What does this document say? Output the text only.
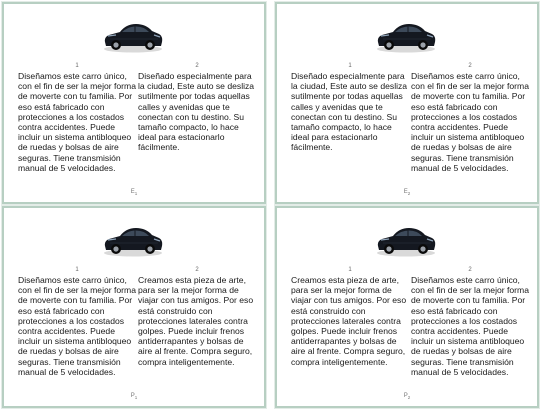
1
Diseñamos este carro único, con el fin de ser la mejor forma de moverte con tu familia. Por eso está fabricado con protecciones a los costados contra accidentes. Puede incluir un sistema antibloqueo de ruedas y bolsas de aire seguras. Tiene transmisión manual de 5 velocidades.
2
Diseñado especialmente para la ciudad, Este auto se desliza sutilmente por todas aquellas calles y avenidas que te conectan con tu destino. Su tamaño compacto, lo hace ideal para estacionarlo fácilmente.
$E_1$
1
Diseñado especialmente para la ciudad, Este auto se desliza sutilmente por todas aquellas calles y avenidas que te conectan con tu destino. Su tamaño compacto, lo hace ideal para estacionarlo fácilmente.
2
Diseñamos este carro único, con el fin de ser la mejor forma de moverte con tu familia. Por eso está fabricado con protecciones a los costados contra accidentes. Puede incluir un sistema antibloqueo de ruedas y bolsas de aire seguras. Tiene transmisión manual de 5 velocidades.
$E_2$
1
Diseñamos este carro único, con el fin de ser la mejor forma de moverte con tu familia. Por eso está fabricado con protecciones a los costados contra accidentes. Puede incluir un sistema antibloqueo de ruedas y bolsas de aire seguras. Tiene transmisión manual de 5 velocidades.
2
Creamos esta pieza de arte, para ser la mejor forma de viajar con tus amigos. Por eso está construido con protecciones laterales contra golpes. Puede incluir frenos antiderrapantes y bolsas de aire al frente. Compra seguro, compra inteligentemente.
$P_1$
1
Creamos esta pieza de arte, para ser la mejor forma de viajar con tus amigos. Por eso está construido con protecciones laterales contra golpes. Puede incluir frenos antiderrapantes y bolsas de aire al frente. Compra seguro, compra inteligentemente.
2
Diseñamos este carro único, con el fin de ser la mejor forma de moverte con tu familia. Por eso está fabricado con protecciones a los costados contra accidentes. Puede incluir un sistema antibloqueo de ruedas y bolsas de aire seguras. Tiene transmisión manual de 5 velocidades.
$P_2$
